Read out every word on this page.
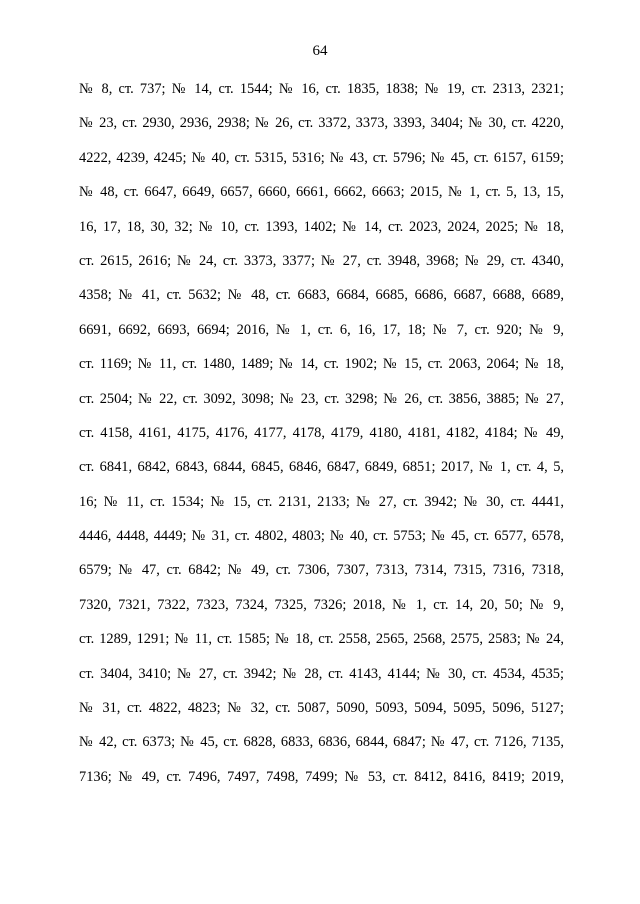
64
№ 8, ст. 737; № 14, ст. 1544; № 16, ст. 1835, 1838; № 19, ст. 2313, 2321;
№ 23, ст. 2930, 2936, 2938; № 26, ст. 3372, 3373, 3393, 3404; № 30, ст. 4220,
4222, 4239, 4245; № 40, ст. 5315, 5316; № 43, ст. 5796; № 45, ст. 6157, 6159;
№ 48, ст. 6647, 6649, 6657, 6660, 6661, 6662, 6663; 2015, № 1, ст. 5, 13, 15,
16, 17, 18, 30, 32; № 10, ст. 1393, 1402; № 14, ст. 2023, 2024, 2025; № 18,
ст. 2615, 2616; № 24, ст. 3373, 3377; № 27, ст. 3948, 3968; № 29, ст. 4340,
4358; № 41, ст. 5632; № 48, ст. 6683, 6684, 6685, 6686, 6687, 6688, 6689,
6691, 6692, 6693, 6694; 2016, № 1, ст. 6, 16, 17, 18; № 7, ст. 920; № 9,
ст. 1169; № 11, ст. 1480, 1489; № 14, ст. 1902; № 15, ст. 2063, 2064; № 18,
ст. 2504; № 22, ст. 3092, 3098; № 23, ст. 3298; № 26, ст. 3856, 3885; № 27,
ст. 4158, 4161, 4175, 4176, 4177, 4178, 4179, 4180, 4181, 4182, 4184; № 49,
ст. 6841, 6842, 6843, 6844, 6845, 6846, 6847, 6849, 6851; 2017, № 1, ст. 4, 5,
16; № 11, ст. 1534; № 15, ст. 2131, 2133; № 27, ст. 3942; № 30, ст. 4441,
4446, 4448, 4449; № 31, ст. 4802, 4803; № 40, ст. 5753; № 45, ст. 6577, 6578,
6579; № 47, ст. 6842; № 49, ст. 7306, 7307, 7313, 7314, 7315, 7316, 7318,
7320, 7321, 7322, 7323, 7324, 7325, 7326; 2018, № 1, ст. 14, 20, 50; № 9,
ст. 1289, 1291; № 11, ст. 1585; № 18, ст. 2558, 2565, 2568, 2575, 2583; № 24,
ст. 3404, 3410; № 27, ст. 3942; № 28, ст. 4143, 4144; № 30, ст. 4534, 4535;
№ 31, ст. 4822, 4823; № 32, ст. 5087, 5090, 5093, 5094, 5095, 5096, 5127;
№ 42, ст. 6373; № 45, ст. 6828, 6833, 6836, 6844, 6847; № 47, ст. 7126, 7135,
7136; № 49, ст. 7496, 7497, 7498, 7499; № 53, ст. 8412, 8416, 8419; 2019,
